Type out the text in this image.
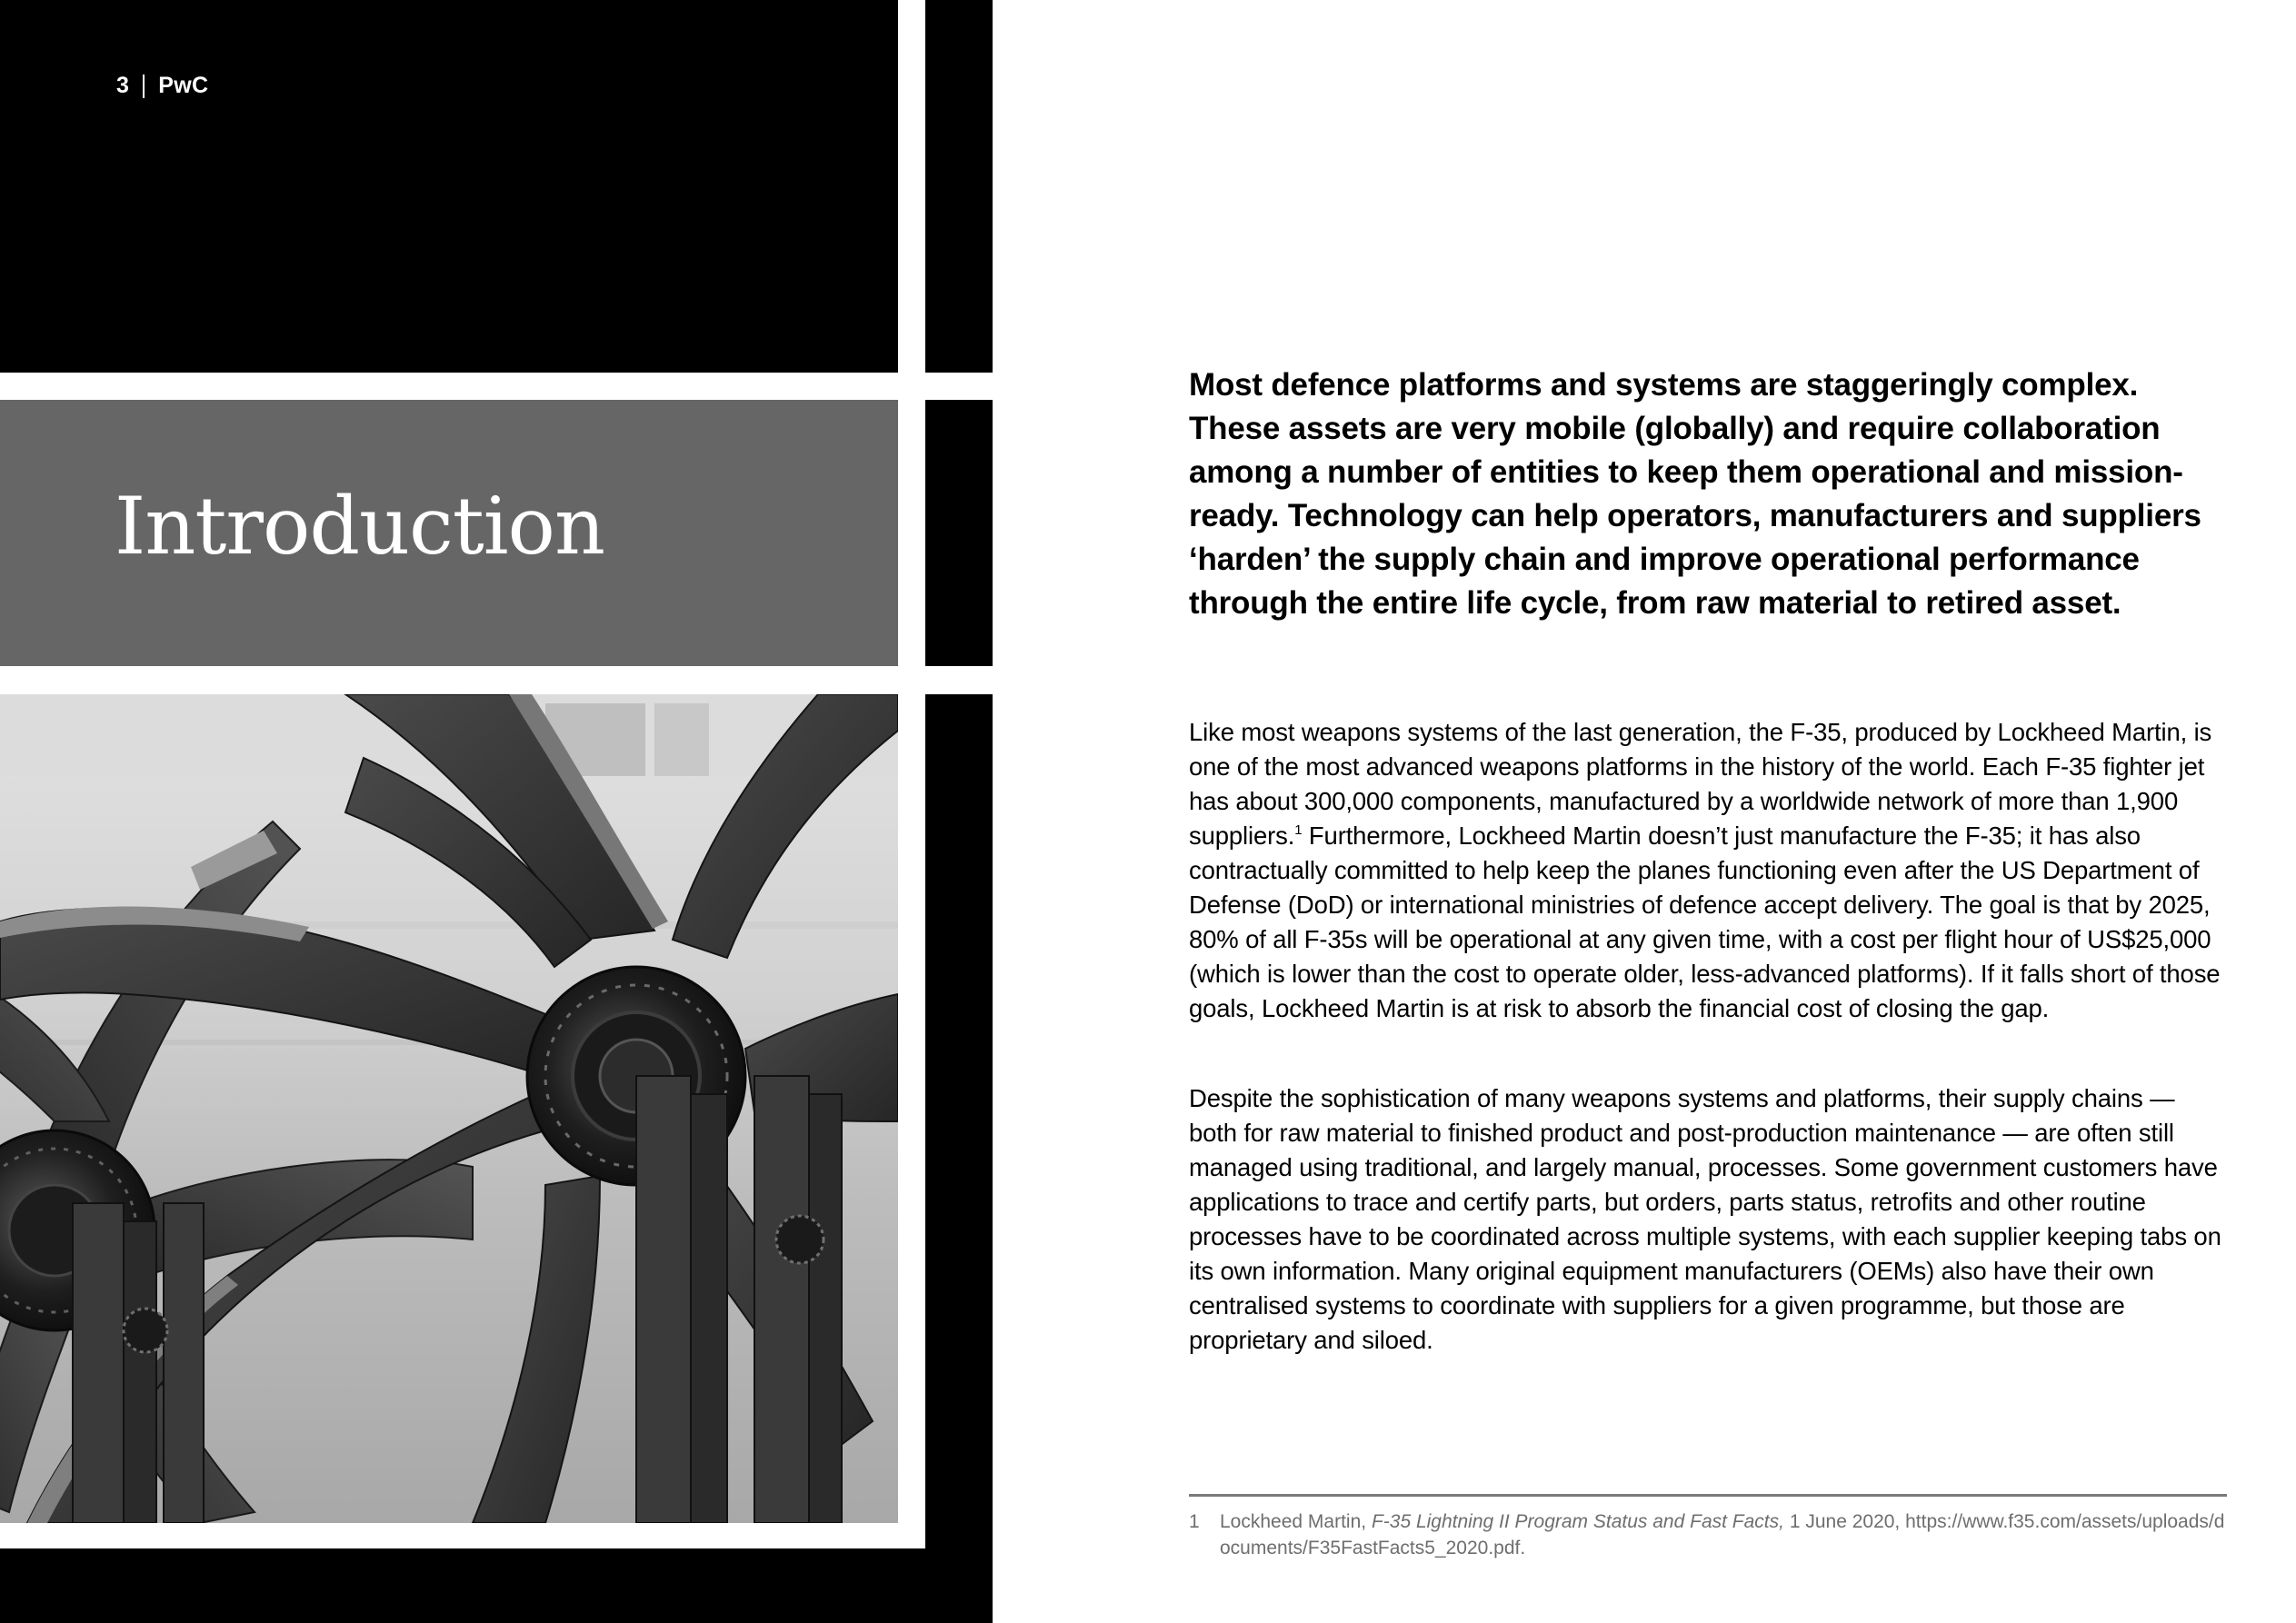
3 PwC
Introduction

Most defence platforms and systems are staggeringly complex. These assets are very mobile (globally) and require collaboration among a number of entities to keep them operational and mission-ready. Technology can help operators, manufacturers and suppliers ‘harden’ the supply chain and improve operational performance through the entire life cycle, from raw material to retired asset.

Like most weapons systems of the last generation, the F-35, produced by Lockheed Martin, is one of the most advanced weapons platforms in the history of the world. Each F-35 fighter jet has about 300,000 components, manufactured by a worldwide network of more than 1,900 suppliers.$^1$ Furthermore, Lockheed Martin doesn’t just manufacture the F-35; it has also contractually committed to help keep the planes functioning even after the US Department of Defense (DoD) or international ministries of defence accept delivery. The goal is that by 2025, 80% of all F-35s will be operational at any given time, with a cost per flight hour of US$25,000 (which is lower than the cost to operate older, less-advanced platforms). If it falls short of those goals, Lockheed Martin is at risk to absorb the financial cost of closing the gap.

Despite the sophistication of many weapons systems and platforms, their supply chains — both for raw material to finished product and post-production maintenance — are often still managed using traditional, and largely manual, processes. Some government customers have applications to trace and certify parts, but orders, parts status, retrofits and other routine processes have to be coordinated across multiple systems, with each supplier keeping tabs on its own information. Many original equipment manufacturers (OEMs) also have their own centralised systems to coordinate with suppliers for a given programme, but those are proprietary and siloed.

1	Lockheed Martin, F-35 Lightning II Program Status and Fast Facts, 1 June 2020, https://www.f35.com/assets/uploads/documents/F35FastFacts5_2020.pdf.
